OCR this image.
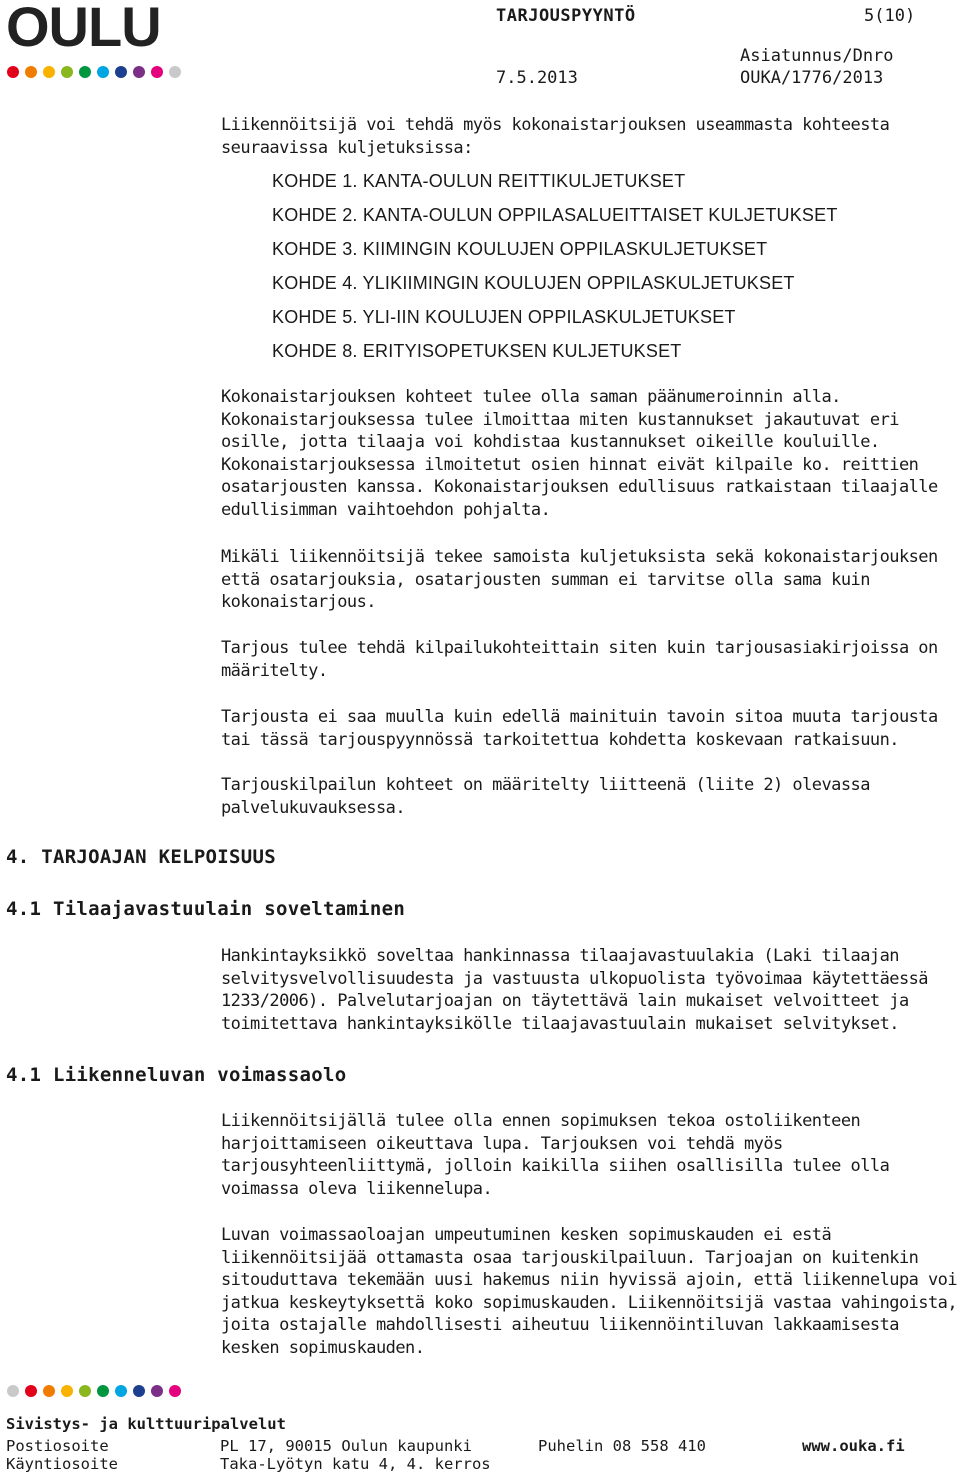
OULU	TARJOUSPYYNTÖ	5(10)
7.5.2013
Asiatunnus/Dnro
OUKA/1776/2013

Liikennöitsijä voi tehdä myös kokonaistarjouksen useammasta kohteesta seuraavissa kuljetuksissa:

KOHDE 1. KANTA-OULUN REITTIKULJETUKSET
KOHDE 2. KANTA-OULUN OPPILASALUEITTAISET KULJETUKSET
KOHDE 3. KIIMINGIN KOULUJEN OPPILASKULJETUKSET
KOHDE 4. YLIKIIMINGIN KOULUJEN OPPILASKULJETUKSET
KOHDE 5. YLI-IIN KOULUJEN OPPILASKULJETUKSET
KOHDE 8. ERITYISOPETUKSEN KULJETUKSET

Kokonaistarjouksen kohteet tulee olla saman päänumeroinnin alla. Kokonaistarjouksessa tulee ilmoittaa miten kustannukset jakautuvat eri osille, jotta tilaaja voi kohdistaa kustannukset oikeille kouluille. Kokonaistarjouksessa ilmoitetut osien hinnat eivät kilpaile ko. reittien osatarjousten kanssa. Kokonaistarjouksen edullisuus ratkaistaan tilaajalle edullisimman vaihtoehdon pohjalta.

Mikäli liikennöitsijä tekee samoista kuljetuksista sekä kokonaistarjouksen että osatarjouksia, osatarjousten summan ei tarvitse olla sama kuin kokonaistarjous.

Tarjous tulee tehdä kilpailukohteittain siten kuin tarjousasiakirjoissa on määritelty.

Tarjousta ei saa muulla kuin edellä mainituin tavoin sitoa muuta tarjousta tai tässä tarjouspyynnössä tarkoitettua kohdetta koskevaan ratkaisuun.

Tarjouskilpailun kohteet on määritelty liitteenä (liite 2) olevassa palvelukuvauksessa.

4. TARJOAJAN KELPOISUUS
4.1 Tilaajavastuulain soveltaminen

Hankintayksikkö soveltaa hankinnassa tilaajavastuulakia (Laki tilaajan selvitysvelvollisuudesta ja vastuusta ulkopuolista työvoimaa käytettäessä 1233/2006). Palvelutarjoajan on täytettävä lain mukaiset velvoitteet ja toimitettava hankintayksikölle tilaajavastuulain mukaiset selvitykset.

4.1 Liikenneluvan voimassaolo

Liikennöitsijällä tulee olla ennen sopimuksen tekoa ostoliikenteen harjoittamiseen oikeuttava lupa. Tarjouksen voi tehdä myös tarjousyhteenliittymä, jolloin kaikilla siihen osallisilla tulee olla voimassa oleva liikennelupa.

Luvan voimassaoloajan umpeutuminen kesken sopimuskauden ei estä liikennöitsijää ottamasta osaa tarjouskilpailuun. Tarjoajan on kuitenkin sitouduttava tekemään uusi hakemus niin hyvissä ajoin, että liikennelupa voi jatkua keskeytyksettä koko sopimuskauden. Liikennöitsijä vastaa vahingoista, joita ostajalle mahdollisesti aiheutuu liikennöintiluvan lakkaamisesta kesken sopimuskauden.

Sivistys- ja kulttuuripalvelut
Postiosoite	PL 17, 90015 Oulun kaupunki	Puhelin 08 558 410	www.ouka.fi
Käyntiosoite	Taka-Lyötyn katu 4, 4. kerros
